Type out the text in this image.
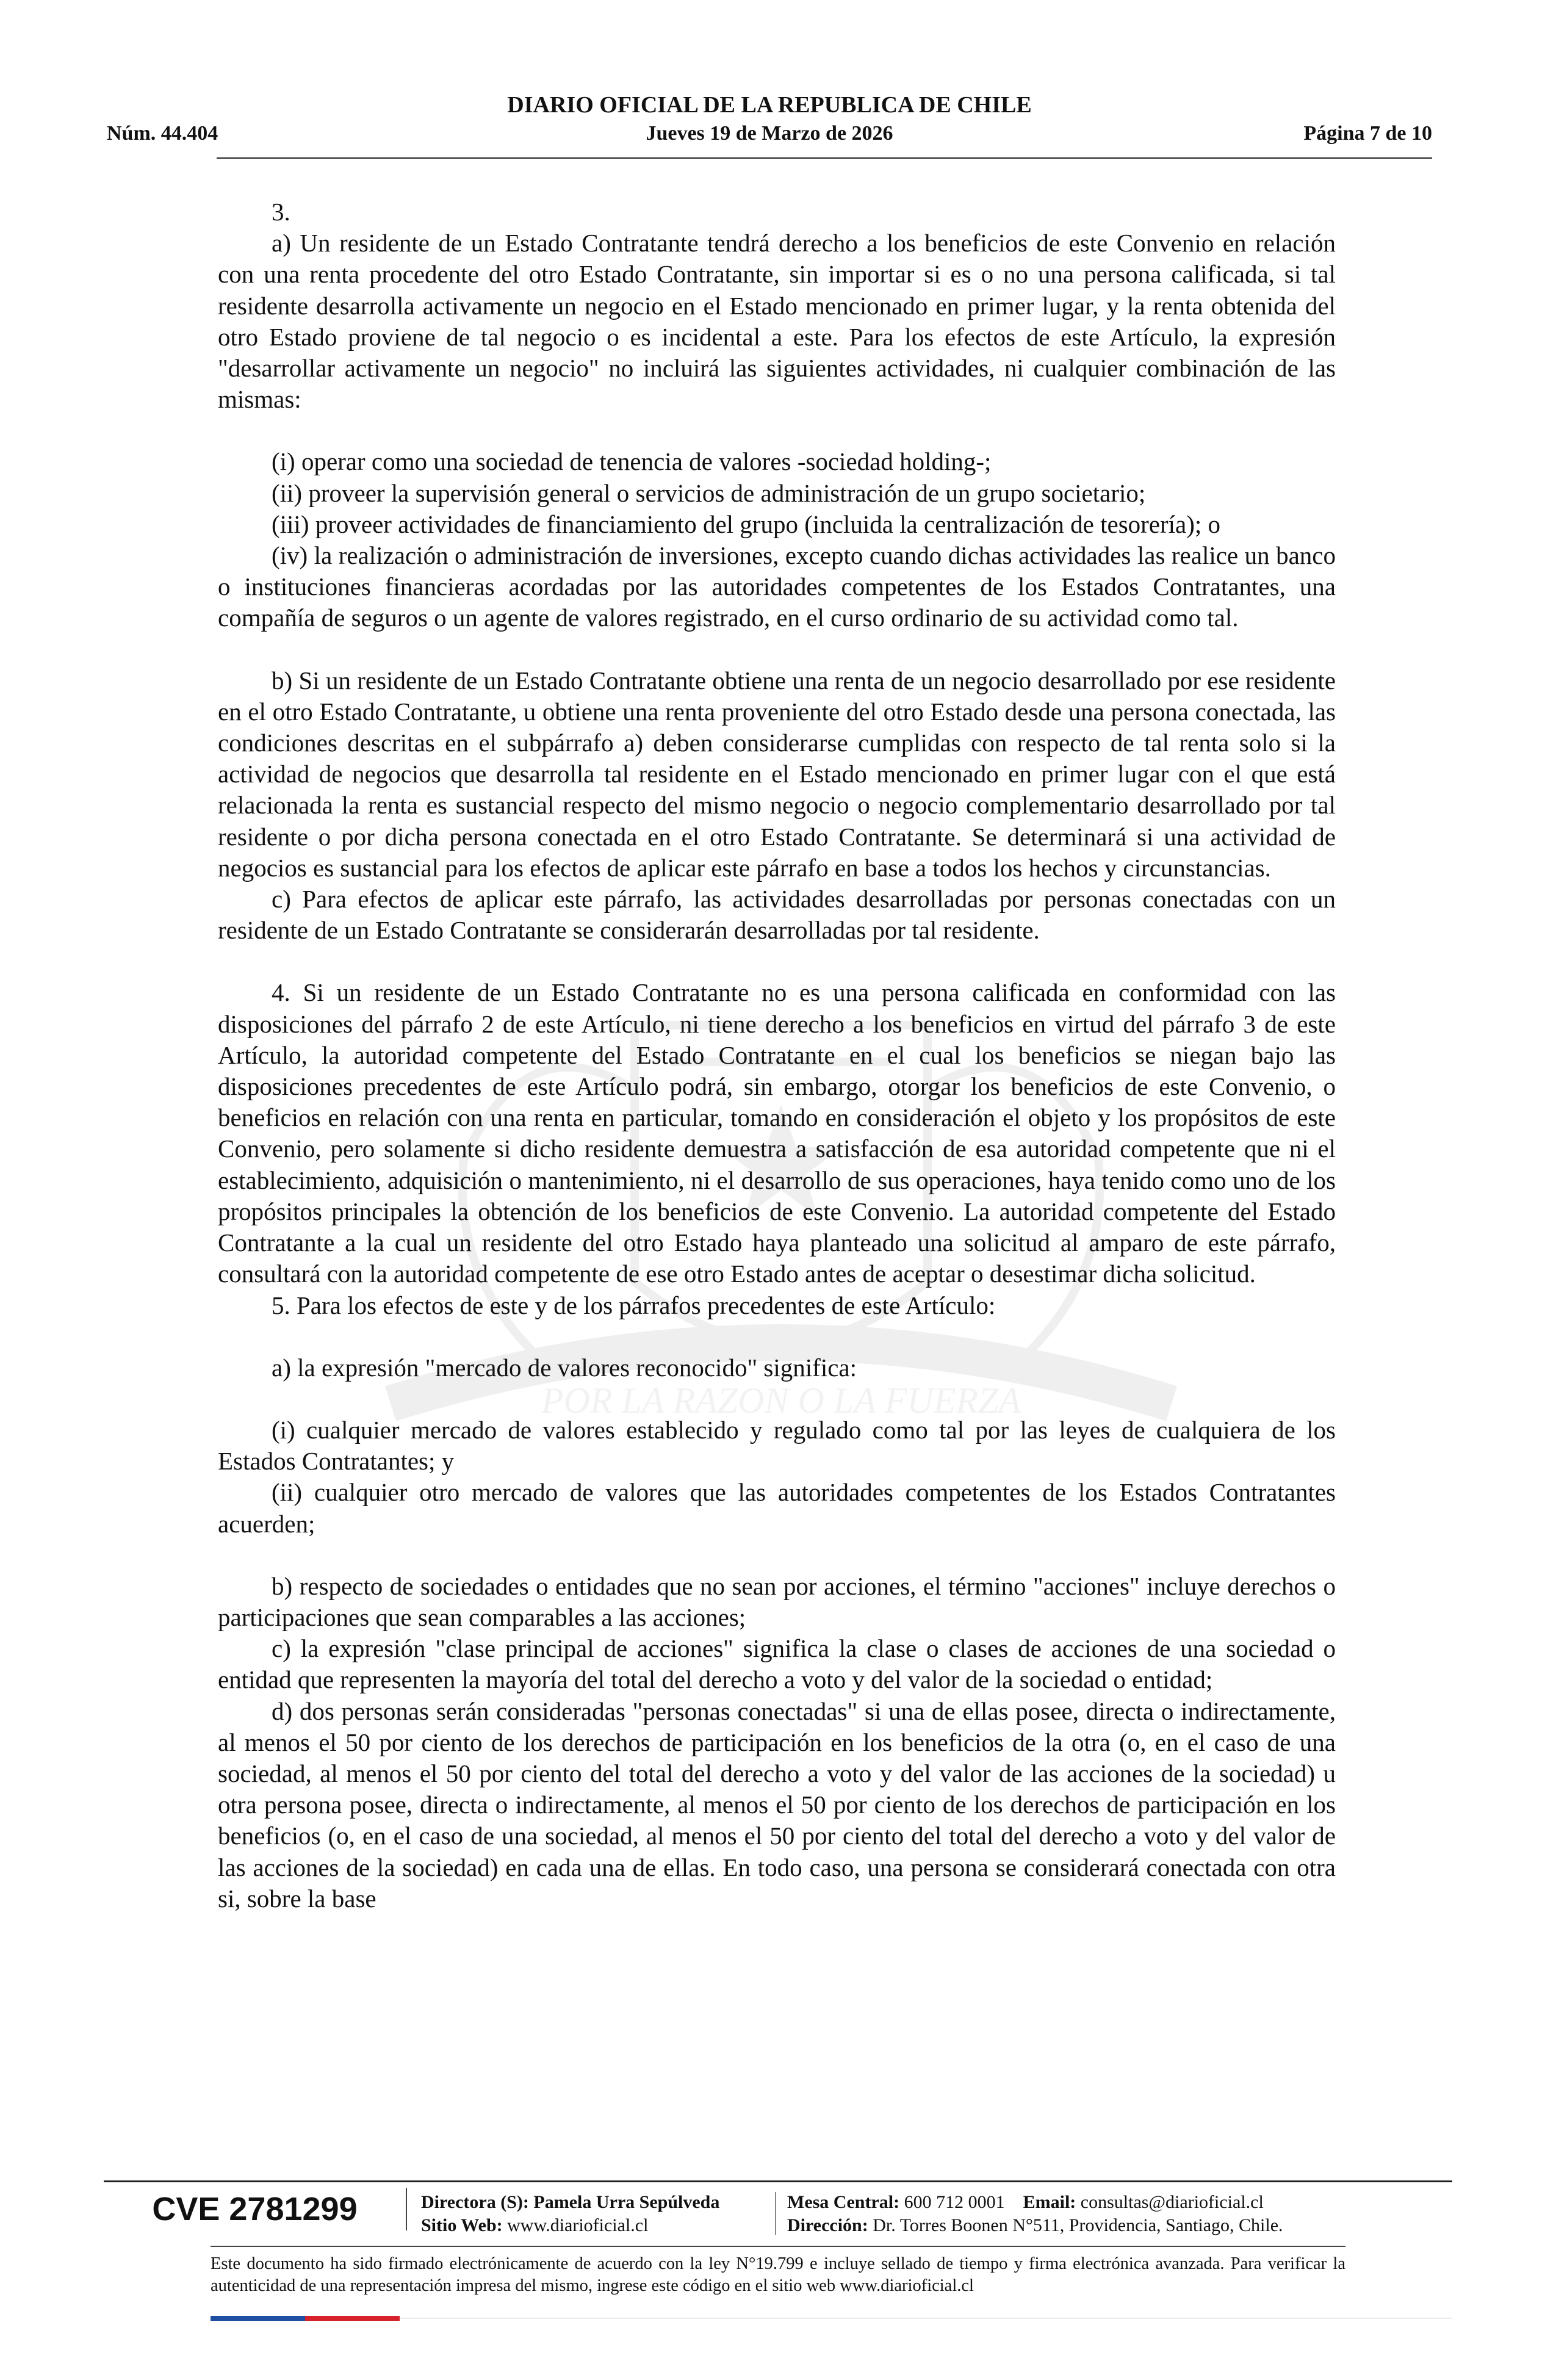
POR LA RAZON O LA FUERZA
DIARIO OFICIAL DE LA REPUBLICA DE CHILE
Núm. 44.404	Jueves 19 de Marzo de 2026	Página 7 de 10

3.

a) Un residente de un Estado Contratante tendrá derecho a los beneficios de este Convenio en relación con una renta procedente del otro Estado Contratante, sin importar si es o no una persona calificada, si tal residente desarrolla activamente un negocio en el Estado mencionado en primer lugar, y la renta obtenida del otro Estado proviene de tal negocio o es incidental a este. Para los efectos de este Artículo, la expresión "desarrollar activamente un negocio" no incluirá las siguientes actividades, ni cualquier combinación de las mismas:

(i) operar como una sociedad de tenencia de valores -sociedad holding-;

(ii) proveer la supervisión general o servicios de administración de un grupo societario;

(iii) proveer actividades de financiamiento del grupo (incluida la centralización de tesorería); o

(iv) la realización o administración de inversiones, excepto cuando dichas actividades las realice un banco o instituciones financieras acordadas por las autoridades competentes de los Estados Contratantes, una compañía de seguros o un agente de valores registrado, en el curso ordinario de su actividad como tal.

b) Si un residente de un Estado Contratante obtiene una renta de un negocio desarrollado por ese residente en el otro Estado Contratante, u obtiene una renta proveniente del otro Estado desde una persona conectada, las condiciones descritas en el subpárrafo a) deben considerarse cumplidas con respecto de tal renta solo si la actividad de negocios que desarrolla tal residente en el Estado mencionado en primer lugar con el que está relacionada la renta es sustancial respecto del mismo negocio o negocio complementario desarrollado por tal residente o por dicha persona conectada en el otro Estado Contratante. Se determinará si una actividad de negocios es sustancial para los efectos de aplicar este párrafo en base a todos los hechos y circunstancias.

c) Para efectos de aplicar este párrafo, las actividades desarrolladas por personas conectadas con un residente de un Estado Contratante se considerarán desarrolladas por tal residente.

4. Si un residente de un Estado Contratante no es una persona calificada en conformidad con las disposiciones del párrafo 2 de este Artículo, ni tiene derecho a los beneficios en virtud del párrafo 3 de este Artículo, la autoridad competente del Estado Contratante en el cual los beneficios se niegan bajo las disposiciones precedentes de este Artículo podrá, sin embargo, otorgar los beneficios de este Convenio, o beneficios en relación con una renta en particular, tomando en consideración el objeto y los propósitos de este Convenio, pero solamente si dicho residente demuestra a satisfacción de esa autoridad competente que ni el establecimiento, adquisición o mantenimiento, ni el desarrollo de sus operaciones, haya tenido como uno de los propósitos principales la obtención de los beneficios de este Convenio. La autoridad competente del Estado Contratante a la cual un residente del otro Estado haya planteado una solicitud al amparo de este párrafo, consultará con la autoridad competente de ese otro Estado antes de aceptar o desestimar dicha solicitud.

5. Para los efectos de este y de los párrafos precedentes de este Artículo:

a) la expresión "mercado de valores reconocido" significa:

(i) cualquier mercado de valores establecido y regulado como tal por las leyes de cualquiera de los Estados Contratantes; y

(ii) cualquier otro mercado de valores que las autoridades competentes de los Estados Contratantes acuerden;

b) respecto de sociedades o entidades que no sean por acciones, el término "acciones" incluye derechos o participaciones que sean comparables a las acciones;

c) la expresión "clase principal de acciones" significa la clase o clases de acciones de una sociedad o entidad que representen la mayoría del total del derecho a voto y del valor de la sociedad o entidad;

d) dos personas serán consideradas "personas conectadas" si una de ellas posee, directa o indirectamente, al menos el 50 por ciento de los derechos de participación en los beneficios de la otra (o, en el caso de una sociedad, al menos el 50 por ciento del total del derecho a voto y del valor de las acciones de la sociedad) u otra persona posee, directa o indirectamente, al menos el 50 por ciento de los derechos de participación en los beneficios (o, en el caso de una sociedad, al menos el 50 por ciento del total del derecho a voto y del valor de las acciones de la sociedad) en cada una de ellas. En todo caso, una persona se considerará conectada con otra si, sobre la base

CVE 2781299	Directora (S): Pamela Urra Sepúlveda
Sitio Web: www.diarioficial.cl
Mesa Central: 600 712 0001 Email: consultas@diarioficial.cl
Dirección: Dr. Torres Boonen N°511, Providencia, Santiago, Chile.
Este documento ha sido firmado electrónicamente de acuerdo con la ley N°19.799 e incluye sellado de tiempo y firma electrónica avanzada. Para verificar la autenticidad de una representación impresa del mismo, ingrese este código en el sitio web www.diarioficial.cl
